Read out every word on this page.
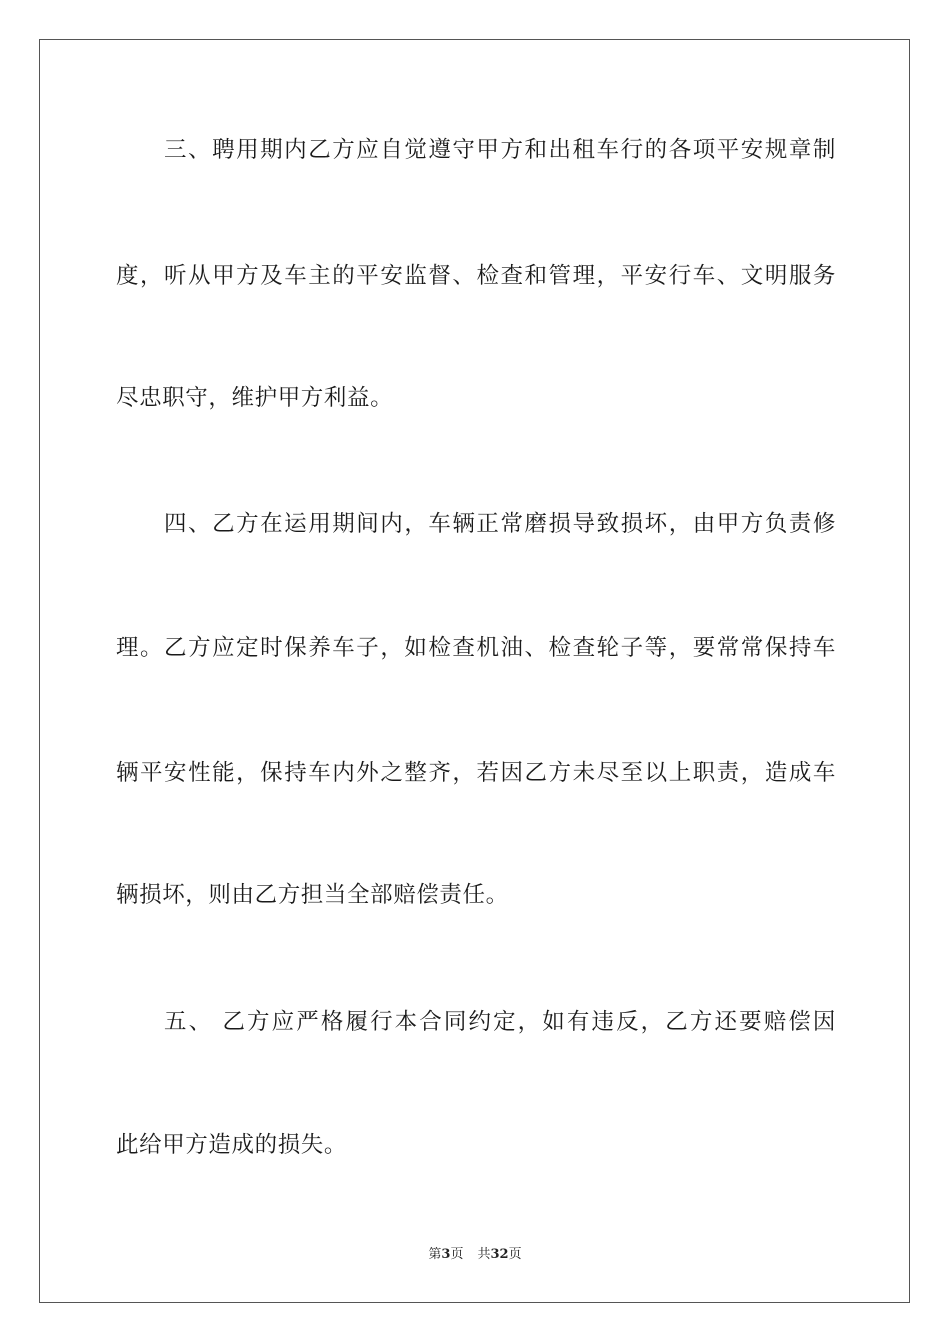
三、聘用期内乙方应自觉遵守甲方和出租车行的各项平安规章制
度，听从甲方及车主的平安监督、检查和管理，平安行车、文明服务
尽忠职守，维护甲方利益。
四、乙方在运用期间内，车辆正常磨损导致损坏，由甲方负责修
理。乙方应定时保养车子，如检查机油、检查轮子等，要常常保持车
辆平安性能，保持车内外之整齐，若因乙方未尽至以上职责，造成车
辆损坏，则由乙方担当全部赔偿责任。
五、 乙方应严格履行本合同约定，如有违反，乙方还要赔偿因
此给甲方造成的损失。
第3页 共32页
